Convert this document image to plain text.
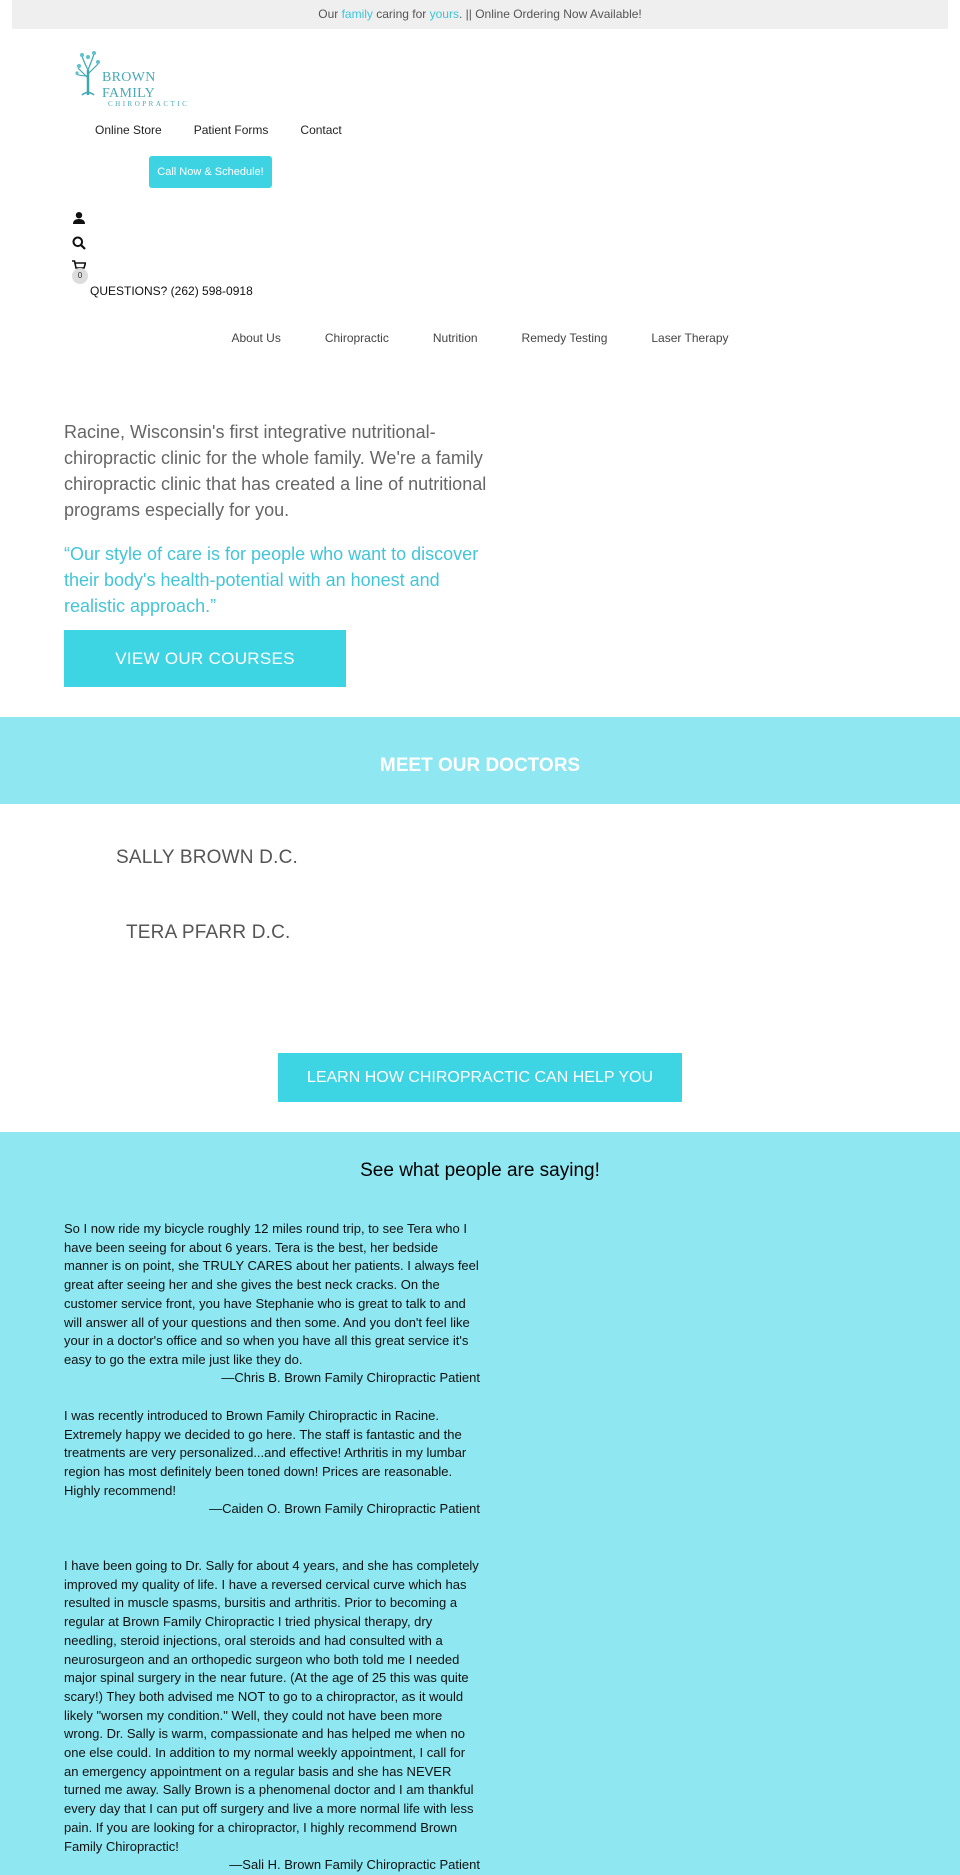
Our family caring for yours. || Online Ordering Now Available!
BROWN FAMILY
CHIROPRACTIC
Online Store	Patient Forms	Contact
Call Now & Schedule!
0
QUESTIONS? (262) 598-0918
About Us	Chiropractic	Nutrition	Remedy Testing	Laser Therapy
Racine, Wisconsin's first integrative nutritional-chiropractic clinic for the whole family. We're a family chiropractic clinic that has created a line of nutritional programs especially for you.
“Our style of care is for people who want to discover their body's health-potential with an honest and realistic approach.”
VIEW OUR COURSES
MEET OUR DOCTORS
SALLY BROWN D.C.
TERA PFARR D.C.
LEARN HOW CHIROPRACTIC CAN HELP YOU
See what people are saying!
So I now ride my bicycle roughly 12 miles round trip, to see Tera who I have been seeing for about 6 years. Tera is the best, her bedside manner is on point, she TRULY CARES about her patients. I always feel great after seeing her and she gives the best neck cracks. On the customer service front, you have Stephanie who is great to talk to and will answer all of your questions and then some. And you don't feel like your in a doctor's office and so when you have all this great service it's easy to go the extra mile just like they do.
—Chris B. Brown Family Chiropractic Patient
I was recently introduced to Brown Family Chiropractic in Racine. Extremely happy we decided to go here. The staff is fantastic and the treatments are very personalized...and effective! Arthritis in my lumbar region has most definitely been toned down! Prices are reasonable. Highly recommend!
—Caiden O. Brown Family Chiropractic Patient
I have been going to Dr. Sally for about 4 years, and she has completely improved my quality of life. I have a reversed cervical curve which has resulted in muscle spasms, bursitis and arthritis. Prior to becoming a regular at Brown Family Chiropractic I tried physical therapy, dry needling, steroid injections, oral steroids and had consulted with a neurosurgeon and an orthopedic surgeon who both told me I needed major spinal surgery in the near future. (At the age of 25 this was quite scary!) They both advised me NOT to go to a chiropractor, as it would likely "worsen my condition." Well, they could not have been more wrong. Dr. Sally is warm, compassionate and has helped me when no one else could. In addition to my normal weekly appointment, I call for an emergency appointment on a regular basis and she has NEVER turned me away. Sally Brown is a phenomenal doctor and I am thankful every day that I can put off surgery and live a more normal life with less pain. If you are looking for a chiropractor, I highly recommend Brown Family Chiropractic!
—Sali H. Brown Family Chiropractic Patient
